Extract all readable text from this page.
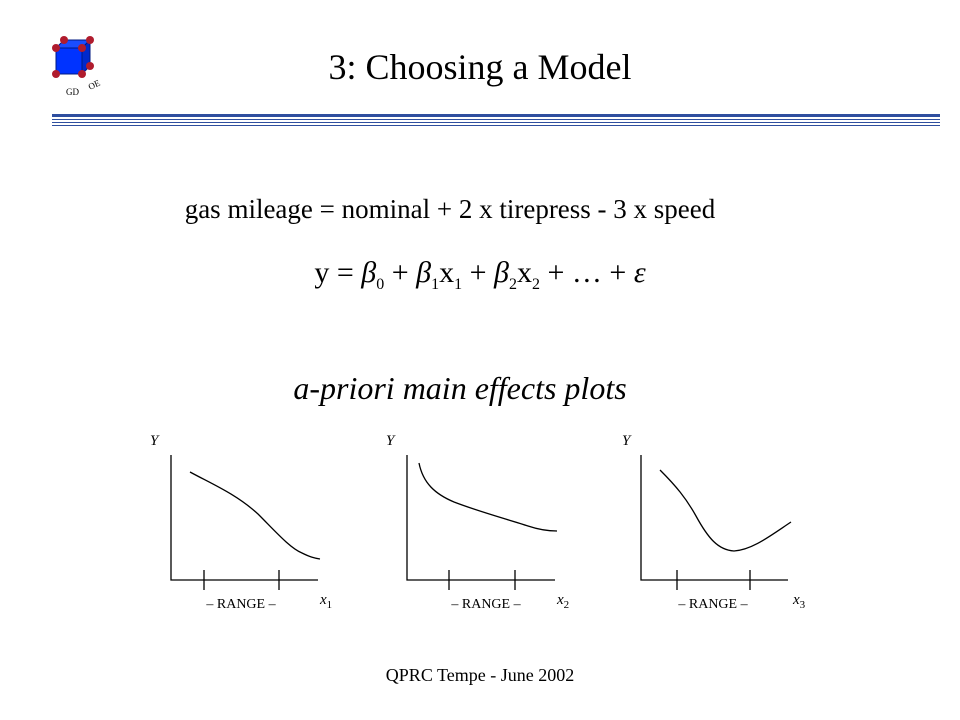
GD
OE	3: Choosing a Model
gas mileage = nominal + 2 x tirepress - 3 x speed
$y = \beta_0 + \beta_1x_1 + \beta_2x_2$ + … + ε
a-priori main effects plots
Y
– RANGE –	$x_1$
Y
– RANGE – $x_2$
Y
– RANGE –	$x_3$
QPRC Tempe - June 2002
